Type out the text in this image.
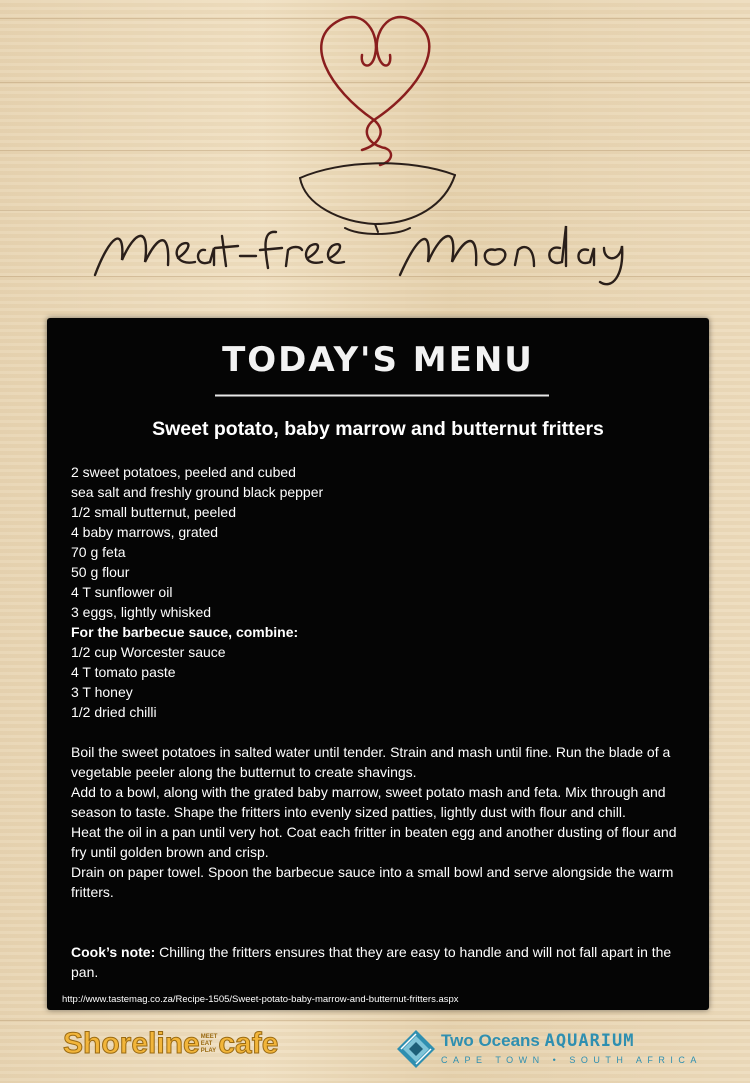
TODAY'S MENU
Sweet potato, baby marrow and butternut fritters
2 sweet potatoes, peeled and cubed
sea salt and freshly ground black pepper
1/2 small butternut, peeled
4 baby marrows, grated
70 g feta
50 g flour
4 T sunflower oil
3 eggs, lightly whisked
For the barbecue sauce, combine:
1/2 cup Worcester sauce
4 T tomato paste
3 T honey
1/2 dried chilli

Boil the sweet potatoes in salted water until tender. Strain and mash until fine. Run the blade of a vegetable peeler along the butternut to create shavings.

Add to a bowl, along with the grated baby marrow, sweet potato mash and feta. Mix through and season to taste. Shape the fritters into evenly sized patties, lightly dust with flour and chill.

Heat the oil in a pan until very hot. Coat each fritter in beaten egg and another dusting of flour and fry until golden brown and crisp.

Drain on paper towel. Spoon the barbecue sauce into a small bowl and serve alongside the warm fritters.

Cook’s note: Chilling the fritters ensures that they are easy to handle and will not fall apart in the pan.

http://www.tastemag.co.za/Recipe-1505/Sweet-potato-baby-marrow-and-butternut-fritters.aspx
ShorelineMEET
EAT
PLAYcafe	Two Oceans AQUARIUM
CAPE TOWN • SOUTH AFRICA
